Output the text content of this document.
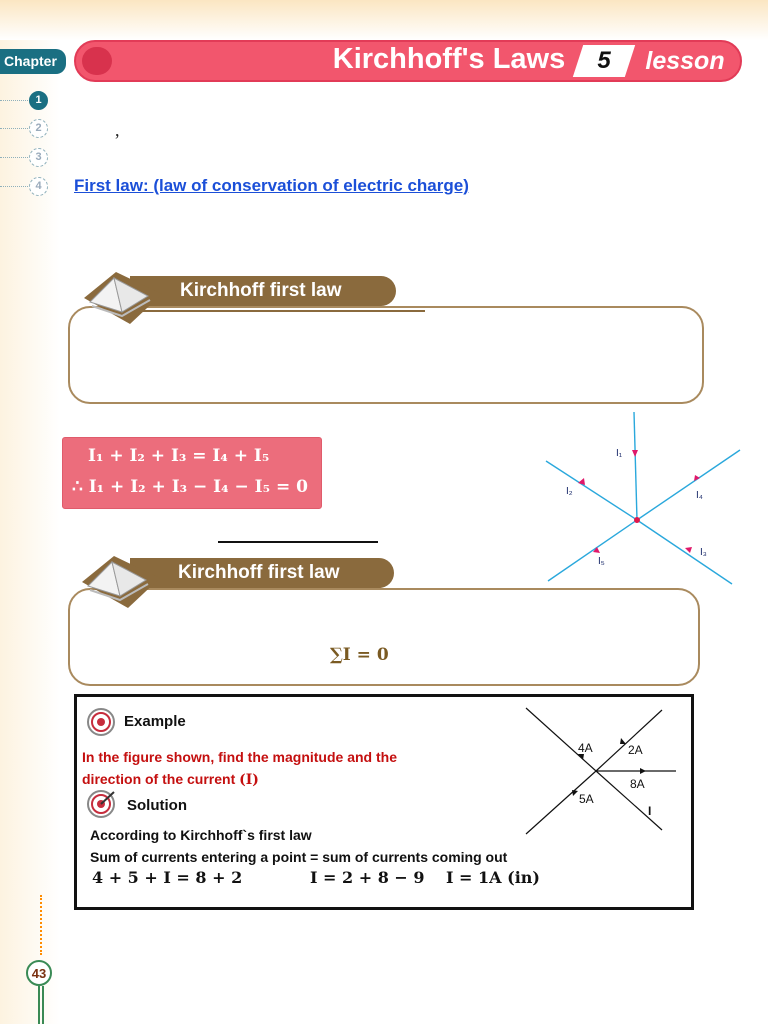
Chapter	Kirchhoff's Laws	5	lesson
1
2
3
4
,
First law: (law of conservation of electric charge)
Kirchhoff first law
I₁ + I₂ + I₃ = I₄ + I₅
∴ I₁ + I₂ + I₃ − I₄ − I₅ = 0
I₁
I₂
I₃
I₄
I₅
Kirchhoff first law
∑I = 0
Example
In the figure shown, find the magnitude and the
direction of the current (I)
Solution
According to Kirchhoff`s first law
Sum of currents entering a point = sum of currents coming out
4 + 5 + I = 8 + 2	I = 2 + 8 − 9 I = 1A (in)
4A	2A
8A
5A
I
43
